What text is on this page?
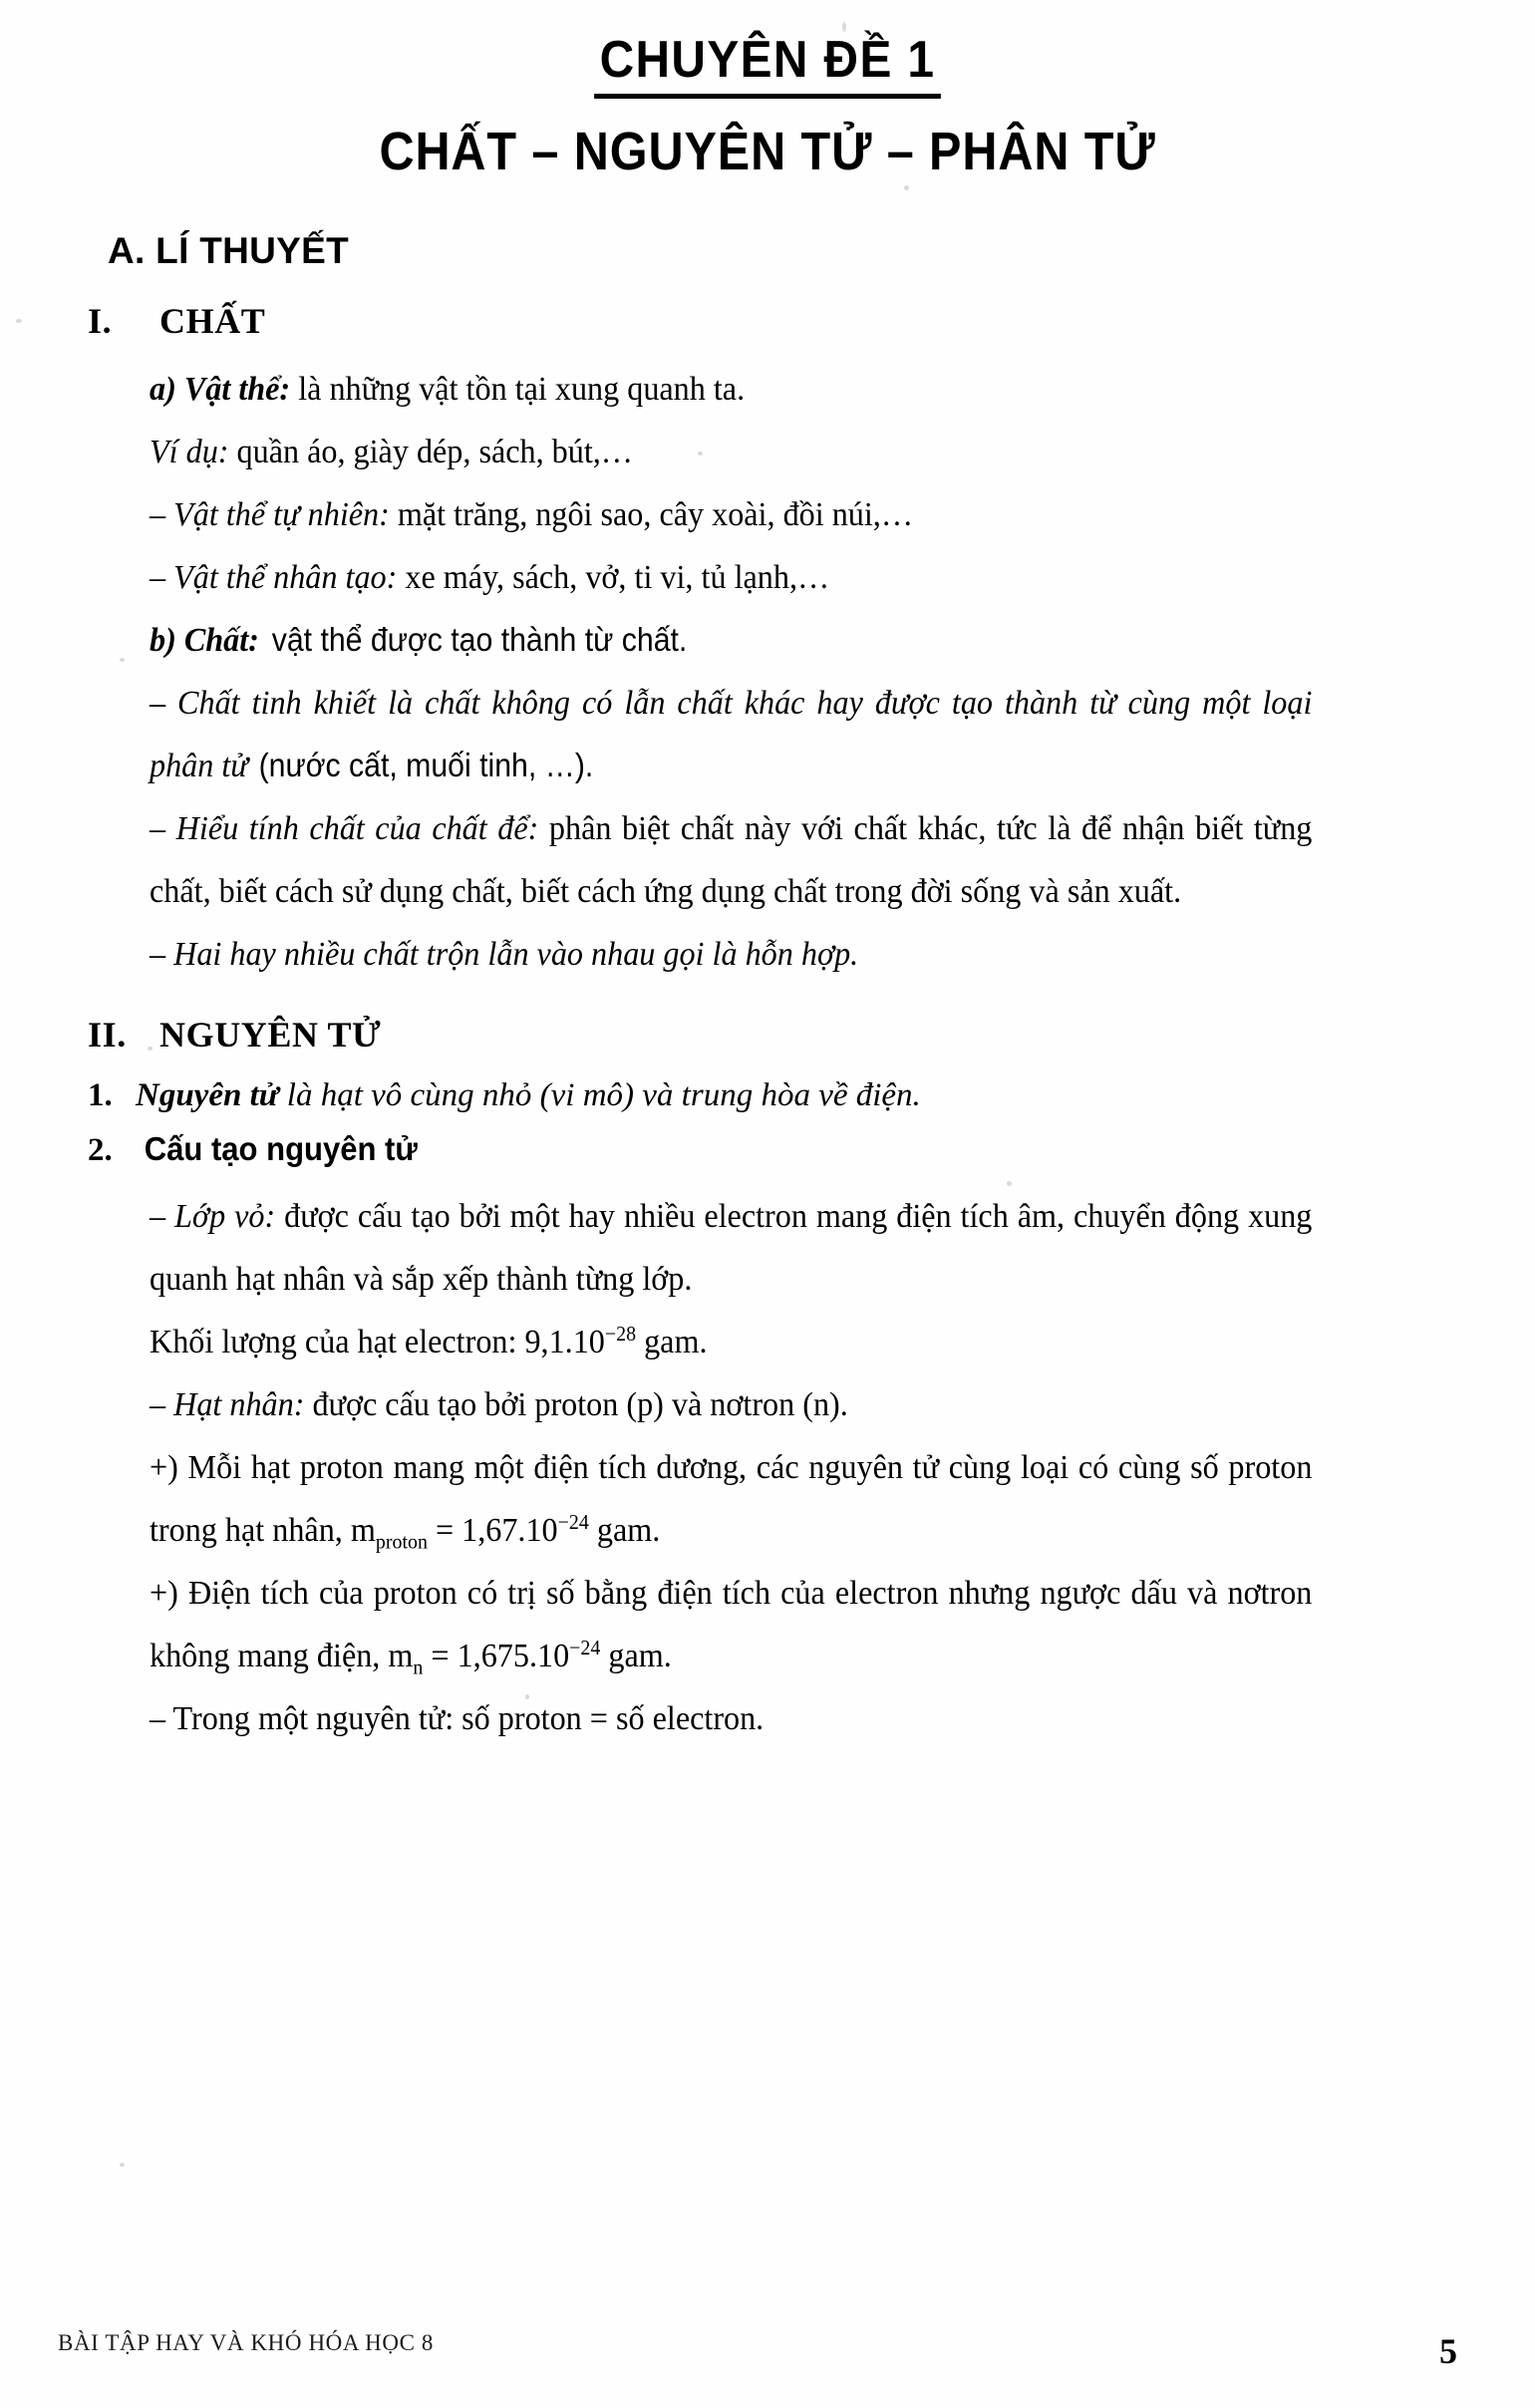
CHUYÊN ĐỀ 1
CHẤT – NGUYÊN TỬ – PHÂN TỬ
A. LÍ THUYẾT
I. CHẤT

a) Vật thể: là những vật tồn tại xung quanh ta.

Ví dụ: quần áo, giày dép, sách, bút,…

– Vật thể tự nhiên: mặt trăng, ngôi sao, cây xoài, đồi núi,…

– Vật thể nhân tạo: xe máy, sách, vở, ti vi, tủ lạnh,…

b) Chất:vật thể được tạo thành từ chất.

– Chất tinh khiết là chất không có lẫn chất khác hay được tạo thành từ cùng một loại phân tử(nước cất, muối tinh, …).

– Hiểu tính chất của chất để: phân biệt chất này với chất khác, tức là để nhận biết từng chất, biết cách sử dụng chất, biết cách ứng dụng chất trong đời sống và sản xuất.

– Hai hay nhiều chất trộn lẫn vào nhau gọi là hỗn hợp.

II. NGUYÊN TỬ
1. Nguyên tử là hạt vô cùng nhỏ (vi mô) và trung hòa về điện.
2. Cấu tạo nguyên tử

– Lớp vỏ: được cấu tạo bởi một hay nhiều electron mang điện tích âm, chuyển động xung quanh hạt nhân và sắp xếp thành từng lớp.

Khối lượng của hạt electron: $9,1.10^{-28}$ gam.

– Hạt nhân: được cấu tạo bởi proton (p) và nơtron (n).

+) Mỗi hạt proton mang một điện tích dương, các nguyên tử cùng loại có cùng số proton trong hạt nhân, $m_{proton} = 1,67.10^{-24}$ gam.

+) Điện tích của proton có trị số bằng điện tích của electron nhưng ngược dấu và nơtron không mang điện, $m_n = 1,675.10^{-24}$ gam.

– Trong một nguyên tử: số proton = số electron.

BÀI TẬP HAY VÀ KHÓ HÓA HỌC 8	5
